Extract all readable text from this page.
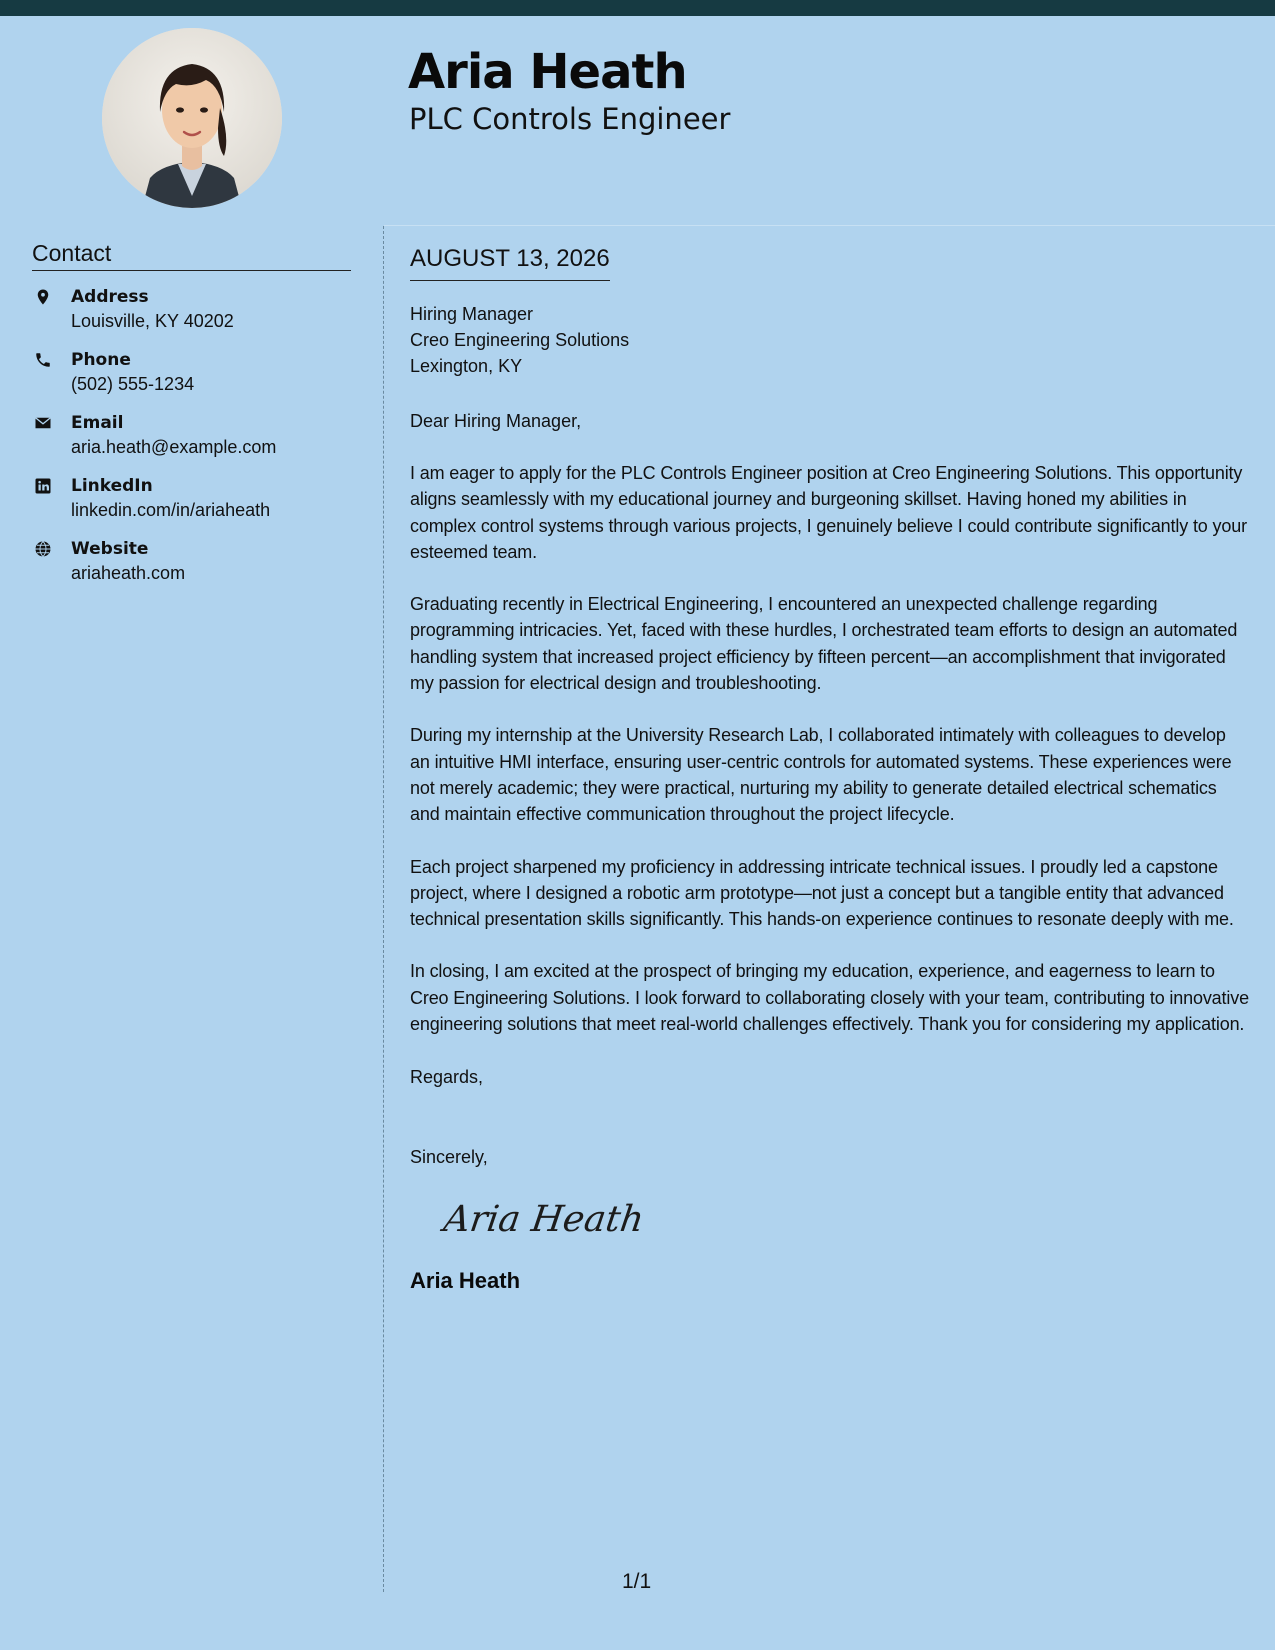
Aria Heath
PLC Controls Engineer
Contact
Address
Louisville, KY 40202
Phone
(502) 555-1234
Email
aria.heath@example.com
LinkedIn
linkedin.com/in/ariaheath
Website
ariaheath.com
AUGUST 13, 2026
Hiring Manager
Creo Engineering Solutions
Lexington, KY

Dear Hiring Manager,

I am eager to apply for the PLC Controls Engineer position at Creo Engineering Solutions. This opportunity aligns seamlessly with my educational journey and burgeoning skillset. Having honed my abilities in complex control systems through various projects, I genuinely believe I could contribute significantly to your esteemed team.

Graduating recently in Electrical Engineering, I encountered an unexpected challenge regarding programming intricacies. Yet, faced with these hurdles, I orchestrated team efforts to design an automated handling system that increased project efficiency by fifteen percent—an accomplishment that invigorated my passion for electrical design and troubleshooting.

During my internship at the University Research Lab, I collaborated intimately with colleagues to develop an intuitive HMI interface, ensuring user-centric controls for automated systems. These experiences were not merely academic; they were practical, nurturing my ability to generate detailed electrical schematics and maintain effective communication throughout the project lifecycle.

Each project sharpened my proficiency in addressing intricate technical issues. I proudly led a capstone project, where I designed a robotic arm prototype—not just a concept but a tangible entity that advanced technical presentation skills significantly. This hands-on experience continues to resonate deeply with me.

In closing, I am excited at the prospect of bringing my education, experience, and eagerness to learn to Creo Engineering Solutions. I look forward to collaborating closely with your team, contributing to innovative engineering solutions that meet real-world challenges effectively. Thank you for considering my application.

Regards,

Sincerely,

Aria Heath
Aria Heath
1/1
